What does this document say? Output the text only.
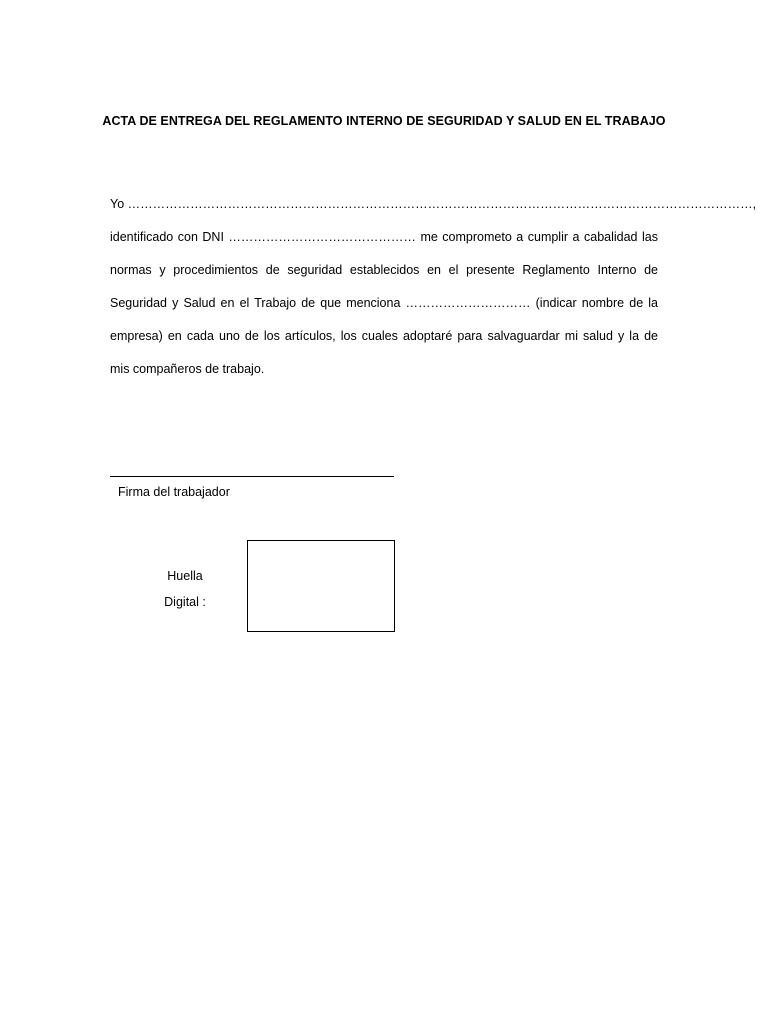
ACTA DE ENTREGA DEL REGLAMENTO INTERNO DE SEGURIDAD Y SALUD EN EL TRABAJO
Yo ……………………………………………………………………………………………………………………………………,
identificado con DNI ……………………………………… me comprometo a cumplir a cabalidad las
normas y procedimientos de seguridad establecidos en el presente Reglamento Interno de
Seguridad y Salud en el Trabajo de que menciona ………………………… (indicar nombre de la
empresa) en cada uno de los artículos, los cuales adoptaré para salvaguardar mi salud y la de
mis compañeros de trabajo.
Firma del trabajador
Huella
Digital :
